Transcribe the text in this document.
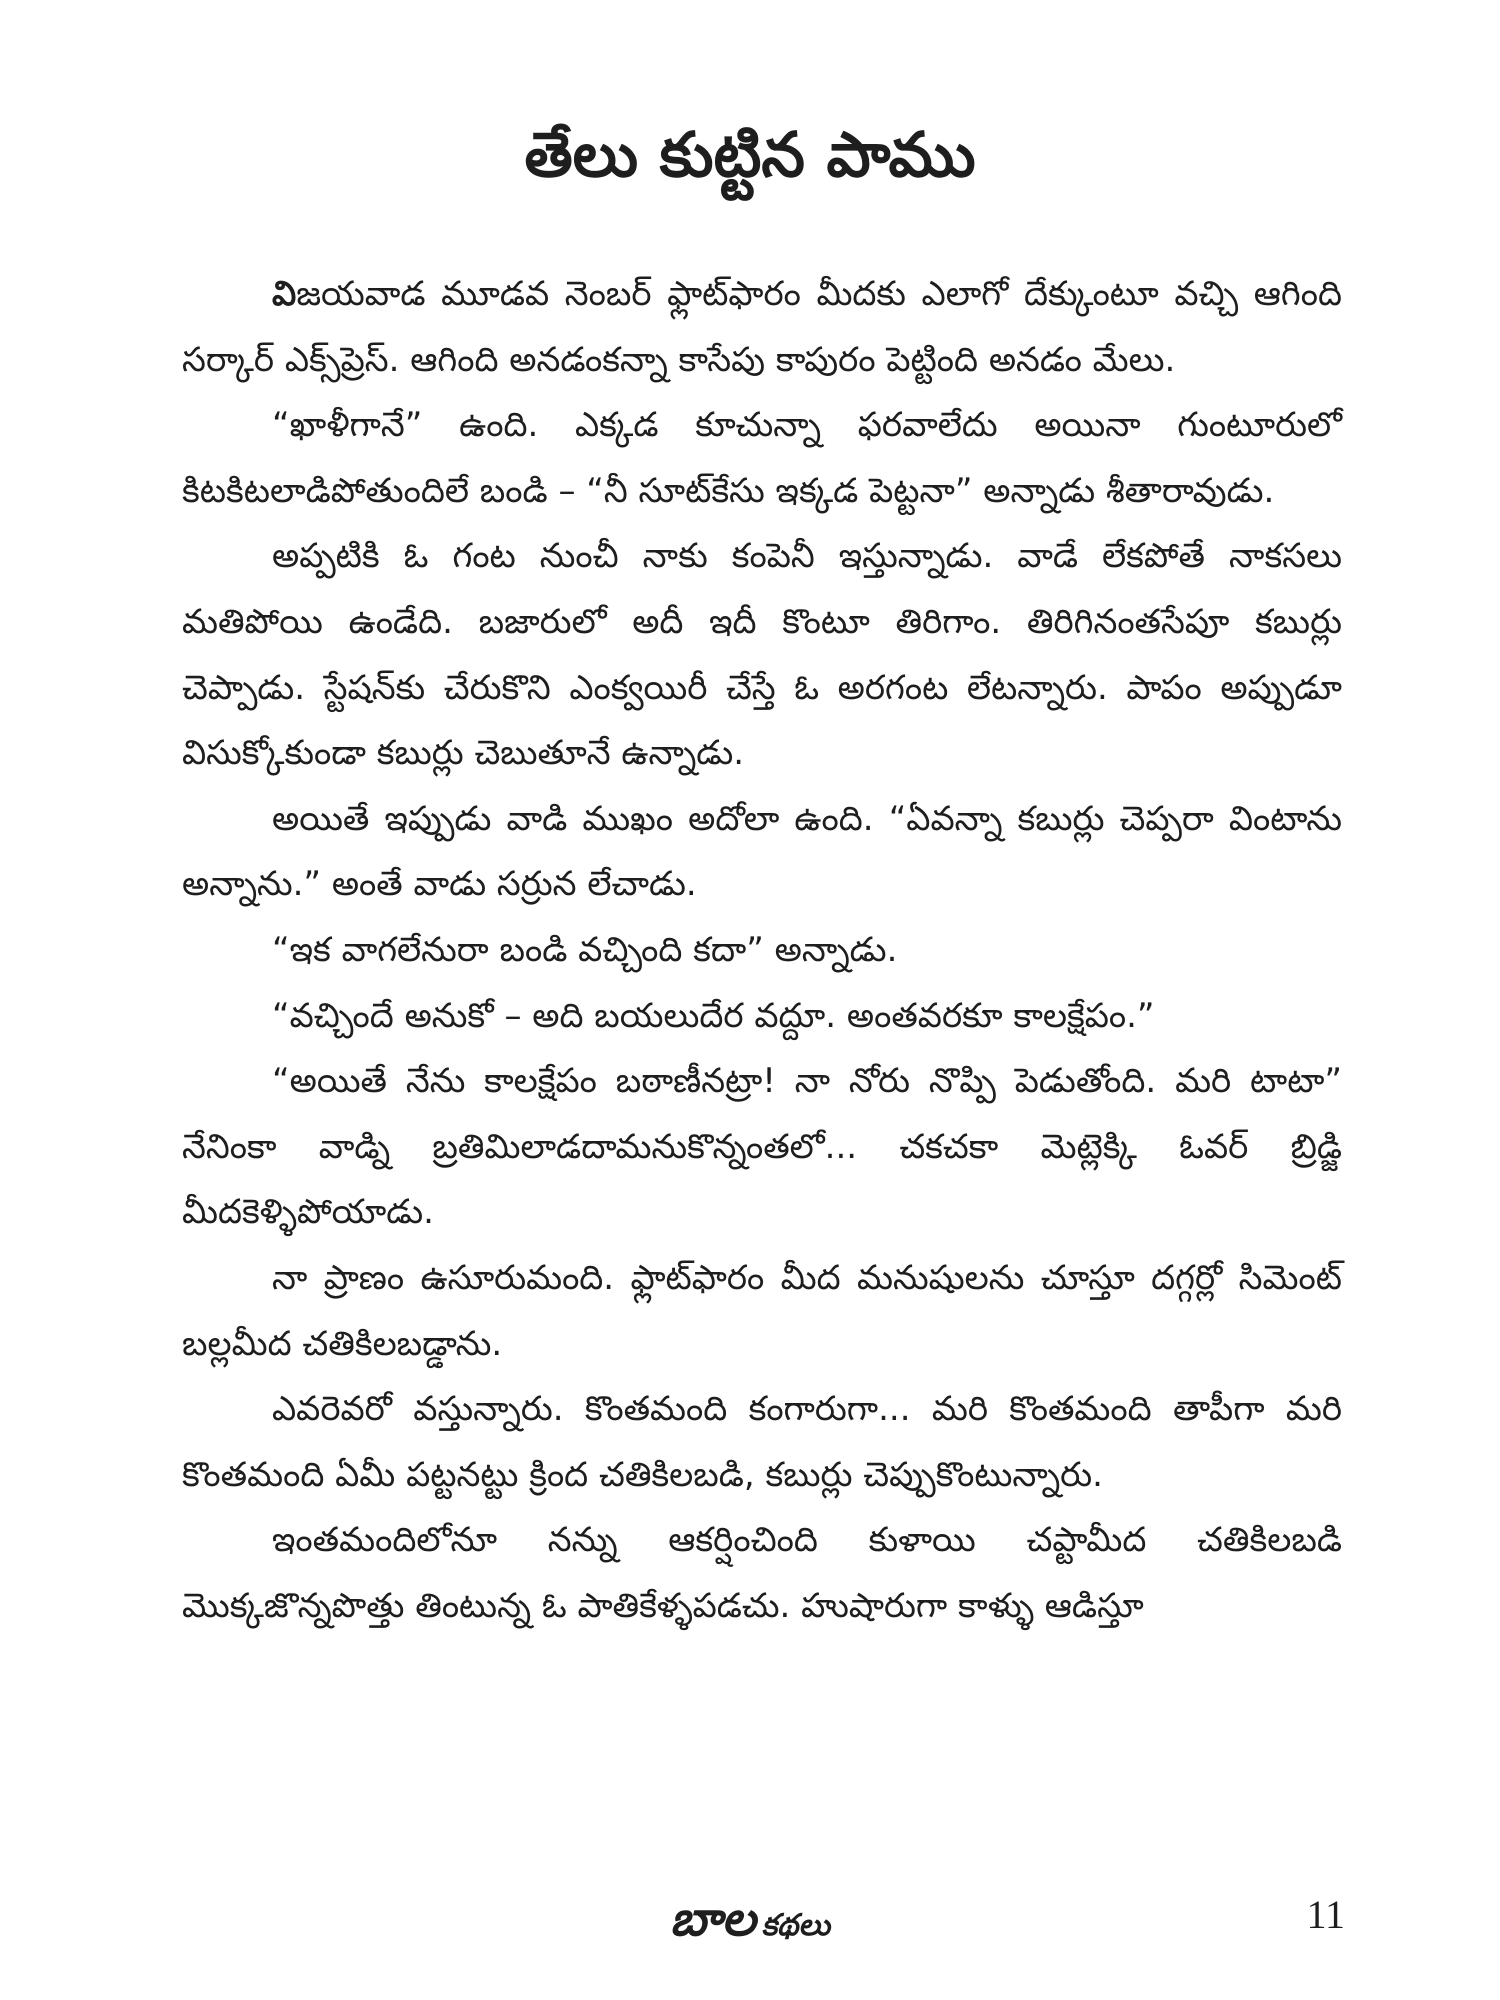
తేలు కుట్టిన పాము

విజయవాడ మూడవ నెంబర్ ఫ్లాట్‌ఫారం మీదకు ఎలాగో దేక్కుంటూ వచ్చి ఆగింది సర్కార్ ఎక్స్‌ప్రెస్. ఆగింది అనడంకన్నా కాసేపు కాపురం పెట్టింది అనడం మేలు.

“ఖాళీగానే” ఉంది. ఎక్కడ కూచున్నా ఫరవాలేదు అయినా గుంటూరులో కిటకిటలాడిపోతుందిలే బండి – “నీ సూట్‌కేసు ఇక్కడ పెట్టనా” అన్నాడు శీతారావుడు.

అప్పటికి ఓ గంట నుంచీ నాకు కంపెనీ ఇస్తున్నాడు. వాడే లేకపోతే నాకసలు మతిపోయి ఉండేది. బజారులో అదీ ఇదీ కొంటూ తిరిగాం. తిరిగినంతసేపూ కబుర్లు చెప్పాడు. స్టేషన్‌కు చేరుకొని ఎంక్వయిరీ చేస్తే ఓ అరగంట లేటన్నారు. పాపం అప్పుడూ విసుక్కోకుండా కబుర్లు చెబుతూనే ఉన్నాడు.

అయితే ఇప్పుడు వాడి ముఖం అదోలా ఉంది. “ఏవన్నా కబుర్లు చెప్పరా వింటాను అన్నాను.” అంతే వాడు సర్రున లేచాడు.

“ఇక వాగలేనురా బండి వచ్చింది కదా” అన్నాడు.

“వచ్చిందే అనుకో – అది బయలుదేర వద్దూ. అంతవరకూ కాలక్షేపం.”

“అయితే నేను కాలక్షేపం బఠాణీనట్రా! నా నోరు నొప్పి పెడుతోంది. మరి టాటా” నేనింకా వాడ్ని బ్రతిమిలాడదామనుకొన్నంతలో... చకచకా మెట్లెక్కి ఓవర్ బ్రిడ్జి మీదకెళ్ళిపోయాడు.

నా ప్రాణం ఉసూరుమంది. ఫ్లాట్‌ఫారం మీద మనుషులను చూస్తూ దగ్గర్లో సిమెంట్ బల్లమీద చతికిలబడ్డాను.

ఎవరెవరో వస్తున్నారు. కొంతమంది కంగారుగా... మరి కొంతమంది తాపీగా మరి కొంతమంది ఏమీ పట్టనట్టు క్రింద చతికిలబడి, కబుర్లు చెప్పుకొంటున్నారు.

ఇంతమందిలోనూ నన్ను ఆకర్షించింది కుళాయి చప్టామీద చతికిలబడి మొక్కజొన్నపొత్తు తింటున్న ఓ పాతికేళ్ళపడచు. హుషారుగా కాళ్ళు ఆడిస్తూ

బాల కథలు	11
